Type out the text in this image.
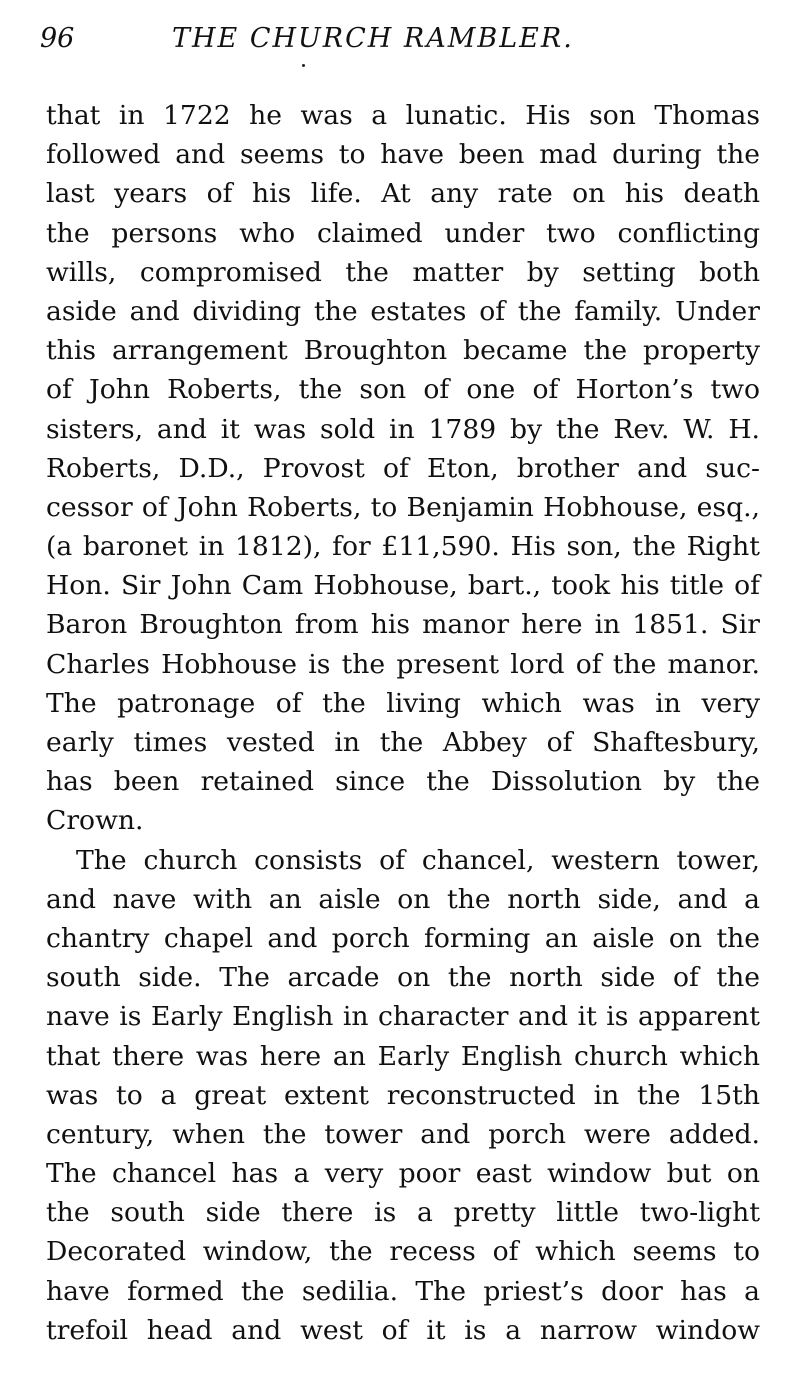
96	THE CHURCH RAMBLER.
that in 1722 he was a lunatic. His son Thomas
followed and seems to have been mad during the
last years of his life. At any rate on his death
the persons who claimed under two conflicting
wills, compromised the matter by setting both
aside and dividing the estates of the family. Under
this arrangement Broughton became the property
of John Roberts, the son of one of Horton’s two
sisters, and it was sold in 1789 by the Rev. W. H.
Roberts, D.D., Provost of Eton, brother and suc-
cessor of John Roberts, to Benjamin Hobhouse, esq.,
(a baronet in 1812), for £11,590. His son, the Right
Hon. Sir John Cam Hobhouse, bart., took his title of
Baron Broughton from his manor here in 1851. Sir
Charles Hobhouse is the present lord of the manor.
The patronage of the living which was in very
early times vested in the Abbey of Shaftesbury,
has been retained since the Dissolution by the
Crown.
The church consists of chancel, western tower,
and nave with an aisle on the north side, and a
chantry chapel and porch forming an aisle on the
south side. The arcade on the north side of the
nave is Early English in character and it is apparent
that there was here an Early English church which
was to a great extent reconstructed in the 15th
century, when the tower and porch were added.
The chancel has a very poor east window but on
the south side there is a pretty little two-light
Decorated window, the recess of which seems to
have formed the sedilia. The priest’s door has a
trefoil head and west of it is a narrow window
